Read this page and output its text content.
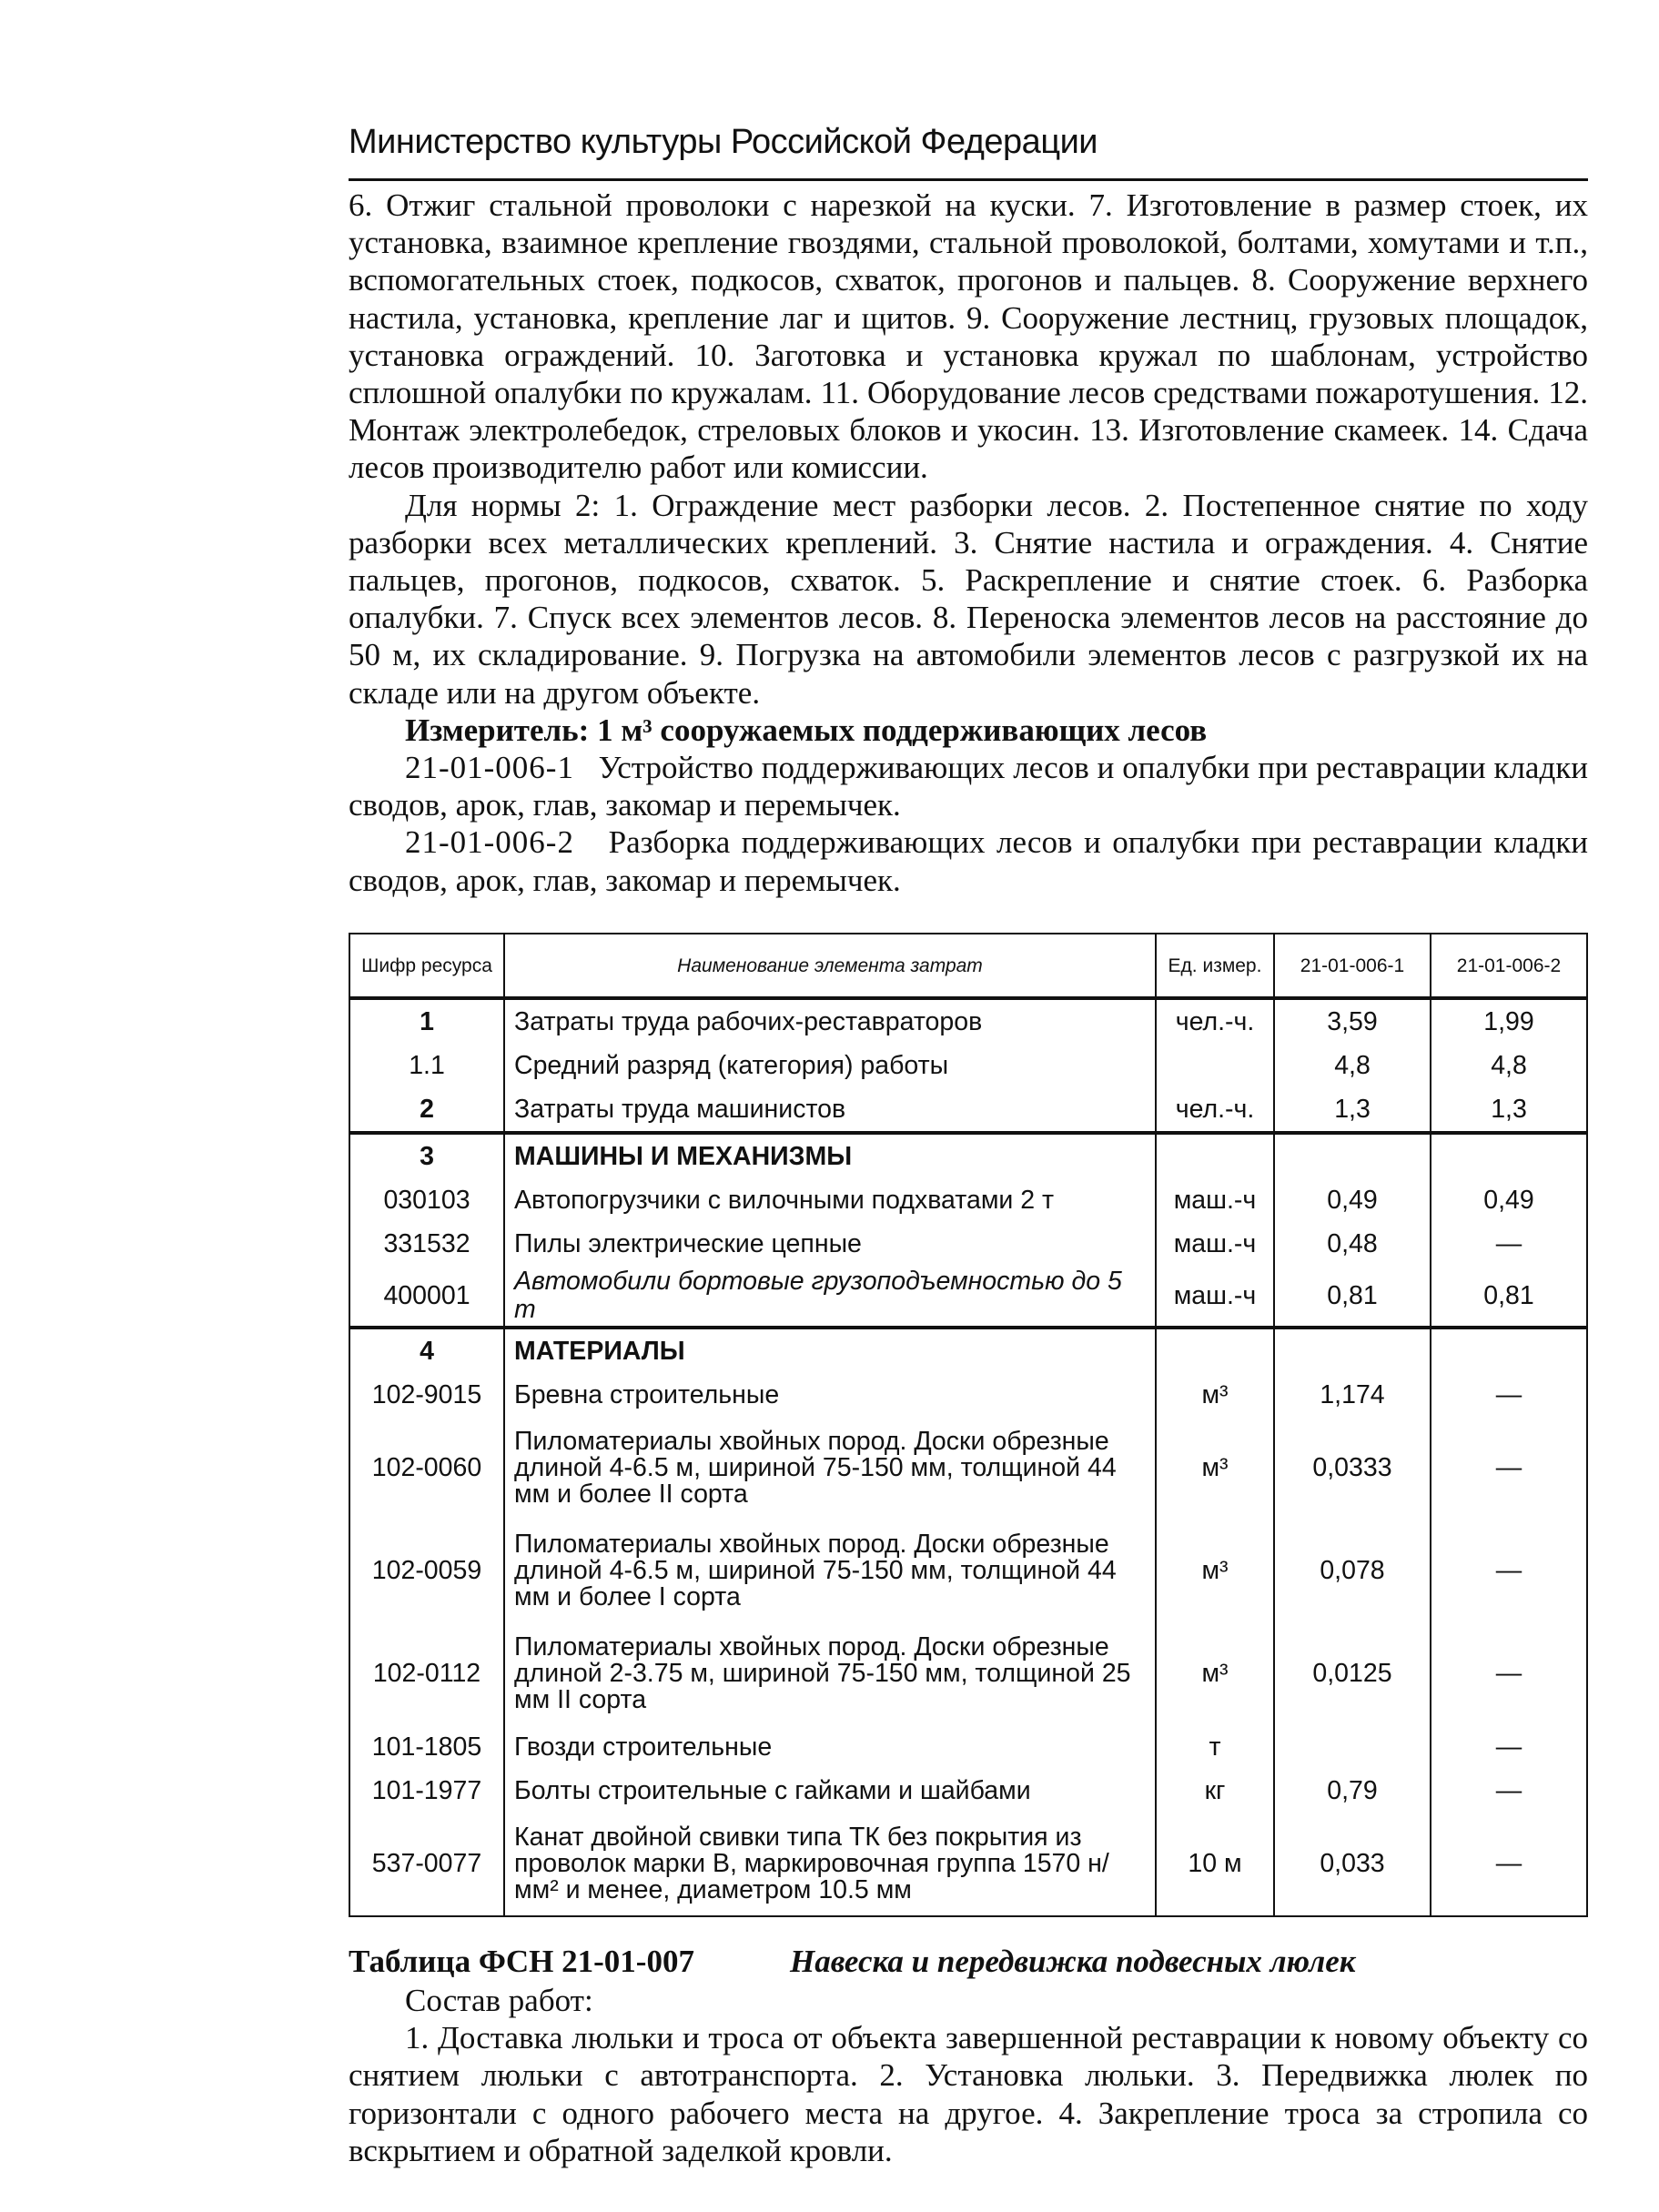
Министерство культуры Российской Федерации

6. Отжиг стальной проволоки с нарезкой на куски. 7. Изготовление в размер стоек, их установка, взаимное крепление гвоздями, стальной проволокой, болтами, хомутами и т.п., вспомогательных стоек, подкосов, схваток, прогонов и пальцев. 8. Сооружение верхнего настила, установка, крепление лаг и щитов. 9. Сооружение лестниц, грузовых площадок, установка ограждений. 10. Заготовка и установка кружал по шаблонам, устройство сплошной опалубки по кружалам. 11. Оборудование лесов средствами пожаротушения. 12. Монтаж электролебедок, стреловых блоков и укосин. 13. Изготовление скамеек. 14. Сдача лесов производителю работ или комиссии.

Для нормы 2: 1. Ограждение мест разборки лесов. 2. Постепенное снятие по ходу разборки всех металлических креплений. 3. Снятие настила и ограждения. 4. Снятие пальцев, прогонов, подкосов, схваток. 5. Раскрепление и снятие стоек. 6. Разборка опалубки. 7. Спуск всех элементов лесов. 8. Переноска элементов лесов на расстояние до 50 м, их складирование. 9. Погрузка на автомобили элементов лесов с разгрузкой их на складе или на другом объекте.

Измеритель: 1 м³ сооружаемых поддерживающих лесов

21-01-006-1 Устройство поддерживающих лесов и опалубки при реставрации кладки сводов, арок, глав, закомар и перемычек.

21-01-006-2 Разборка поддерживающих лесов и опалубки при реставрации кладки сводов, арок, глав, закомар и перемычек.

Шифр ресурса	Наименование элемента затрат	Ед. измер.	21-01-006-1	21-01-006-2
1	Затраты труда рабочих-реставраторов	чел.-ч.	3,59	1,99
1.1	Средний разряд (категория) работы		4,8	4,8
2	Затраты труда машинистов	чел.-ч.	1,3	1,3
3	МАШИНЫ И МЕХАНИЗМЫ			
030103	Автопогрузчики с вилочными подхватами 2 т	маш.-ч	0,49	0,49
331532	Пилы электрические цепные	маш.-ч	0,48	—
400001	Автомобили бортовые грузоподъемностью до 5 т	маш.-ч	0,81	0,81
4	МАТЕРИАЛЫ			
102-9015	Бревна строительные	м³	1,174	—
102-0060	Пиломатериалы хвойных пород. Доски обрезные длиной 4-6.5 м, шириной 75-150 мм, толщиной 44 мм и более II сорта	м³	0,0333	—
102-0059	Пиломатериалы хвойных пород. Доски обрезные длиной 4-6.5 м, шириной 75-150 мм, толщиной 44 мм и более I сорта	м³	0,078	—
102-0112	Пиломатериалы хвойных пород. Доски обрезные длиной 2-3.75 м, шириной 75-150 мм, толщиной 25 мм II сорта	м³	0,0125	—
101-1805	Гвозди строительные	т		—
101-1977	Болты строительные с гайками и шайбами	кг	0,79	—
537-0077	Канат двойной свивки типа ТК без покрытия из проволок марки В, маркировочная группа 1570 н/мм² и менее, диаметром 10.5 мм	10 м	0,033	—
Таблица ФСН 21-01-007	Навеска и передвижка подвесных люлек

Состав работ:

1. Доставка люльки и троса от объекта завершенной реставрации к новому объекту со снятием люльки с автотранспорта. 2. Установка люльки. 3. Передвижка люлек по горизонтали с одного рабочего места на другое. 4. Закрепление троса за стропила со вскрытием и обратной заделкой кровли.
